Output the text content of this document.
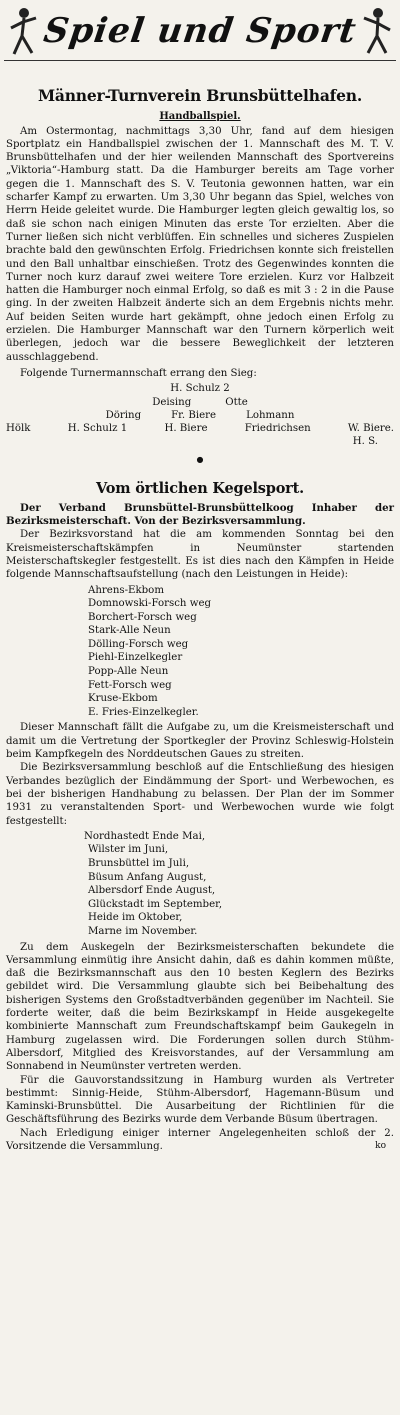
Spiel und Sport
Männer-Turnverein Brunsbüttelhafen.
Handballspiel.

Am Ostermontag, nachmittags 3,30 Uhr, fand auf dem hiesigen Sportplatz ein Handballspiel zwischen der 1. Mannschaft des M. T. V. Brunsbüttelhafen und der hier weilenden Mannschaft des Sportvereins „Viktoria“-Hamburg statt. Da die Hamburger bereits am Tage vorher gegen die 1. Mannschaft des S. V. Teutonia gewonnen hatten, war ein scharfer Kampf zu erwarten. Um 3,30 Uhr begann das Spiel, welches von Herrn Heide geleitet wurde. Die Hamburger legten gleich gewaltig los, so daß sie schon nach einigen Minuten das erste Tor erzielten. Aber die Turner ließen sich nicht verblüffen. Ein schnelles und sicheres Zuspielen brachte bald den gewünschten Erfolg. Friedrichsen konnte sich freistellen und den Ball unhaltbar einschießen. Trotz des Gegenwindes konnten die Turner noch kurz darauf zwei weitere Tore erzielen. Kurz vor Halbzeit hatten die Hamburger noch einmal Erfolg, so daß es mit 3 : 2 in die Pause ging. In der zweiten Halbzeit änderte sich an dem Ergebnis nichts mehr. Auf beiden Seiten wurde hart gekämpft, ohne jedoch einen Erfolg zu erzielen. Die Hamburger Mannschaft war den Turnern körperlich weit überlegen, jedoch war die bessere Beweglichkeit der letzteren ausschlaggebend.

Folgende Turnermannschaft errang den Sieg:

H. Schulz 2
Deising	Otte
Döring	Fr. Biere	Lohmann
Hölk	H. Schulz 1	H. Biere	Friedrichsen	W. Biere.
H. S.
●
Vom örtlichen Kegelsport.

Der Verband Brunsbüttel-Brunsbüttelkoog Inhaber der Bezirksmeisterschaft. Von der Bezirksversammlung.

Der Bezirksvorstand hat die am kommenden Sonntag bei den Kreismeisterschaftskämpfen in Neumünster startenden Meisterschaftskegler festgestellt. Es ist dies nach den Kämpfen in Heide folgende Mannschaftsaufstellung (nach den Leistungen in Heide):

Ahrens-Ekbom
Domnowski-Forsch weg
Borchert-Forsch weg
Stark-Alle Neun
Dölling-Forsch weg
Piehl-Einzelkegler
Popp-Alle Neun
Fett-Forsch weg
Kruse-Ekbom
E. Fries-Einzelkegler.

Dieser Mannschaft fällt die Aufgabe zu, um die Kreismeisterschaft und damit um die Vertretung der Sportkegler der Provinz Schleswig-Holstein beim Kampfkegeln des Norddeutschen Gaues zu streiten.

Die Bezirksversammlung beschloß auf die Entschließung des hiesigen Verbandes bezüglich der Eindämmung der Sport- und Werbewochen, es bei der bisherigen Handhabung zu belassen. Der Plan der im Sommer 1931 zu veranstaltenden Sport- und Werbewochen wurde wie folgt festgestellt:

Nordhastedt Ende Mai,
Wilster im Juni,
Brunsbüttel im Juli,
Büsum Anfang August,
Albersdorf Ende August,
Glückstadt im September,
Heide im Oktober,
Marne im November.

Zu dem Auskegeln der Bezirksmeisterschaften bekundete die Versammlung einmütig ihre Ansicht dahin, daß es dahin kommen müßte, daß die Bezirksmannschaft aus den 10 besten Keglern des Bezirks gebildet wird. Die Versammlung glaubte sich bei Beibehaltung des bisherigen Systems den Großstadtverbänden gegenüber im Nachteil. Sie forderte weiter, daß die beim Bezirkskampf in Heide ausgekegelte kombinierte Mannschaft zum Freundschaftskampf beim Gaukegeln in Hamburg zugelassen wird. Die Forderungen sollen durch Stühm-Albersdorf, Mitglied des Kreisvorstandes, auf der Versammlung am Sonnabend in Neumünster vertreten werden.

Für die Gauvorstandssitzung in Hamburg wurden als Vertreter bestimmt: Sinnig-Heide, Stühm-Albersdorf, Hagemann-Büsum und Kaminski-Brunsbüttel. Die Ausarbeitung der Richtlinien für die Geschäftsführung des Bezirks wurde dem Verbande Büsum übertragen.

Nach Erledigung einiger interner Angelegenheiten schloß der 2. Vorsitzende die Versammlung.	ko
